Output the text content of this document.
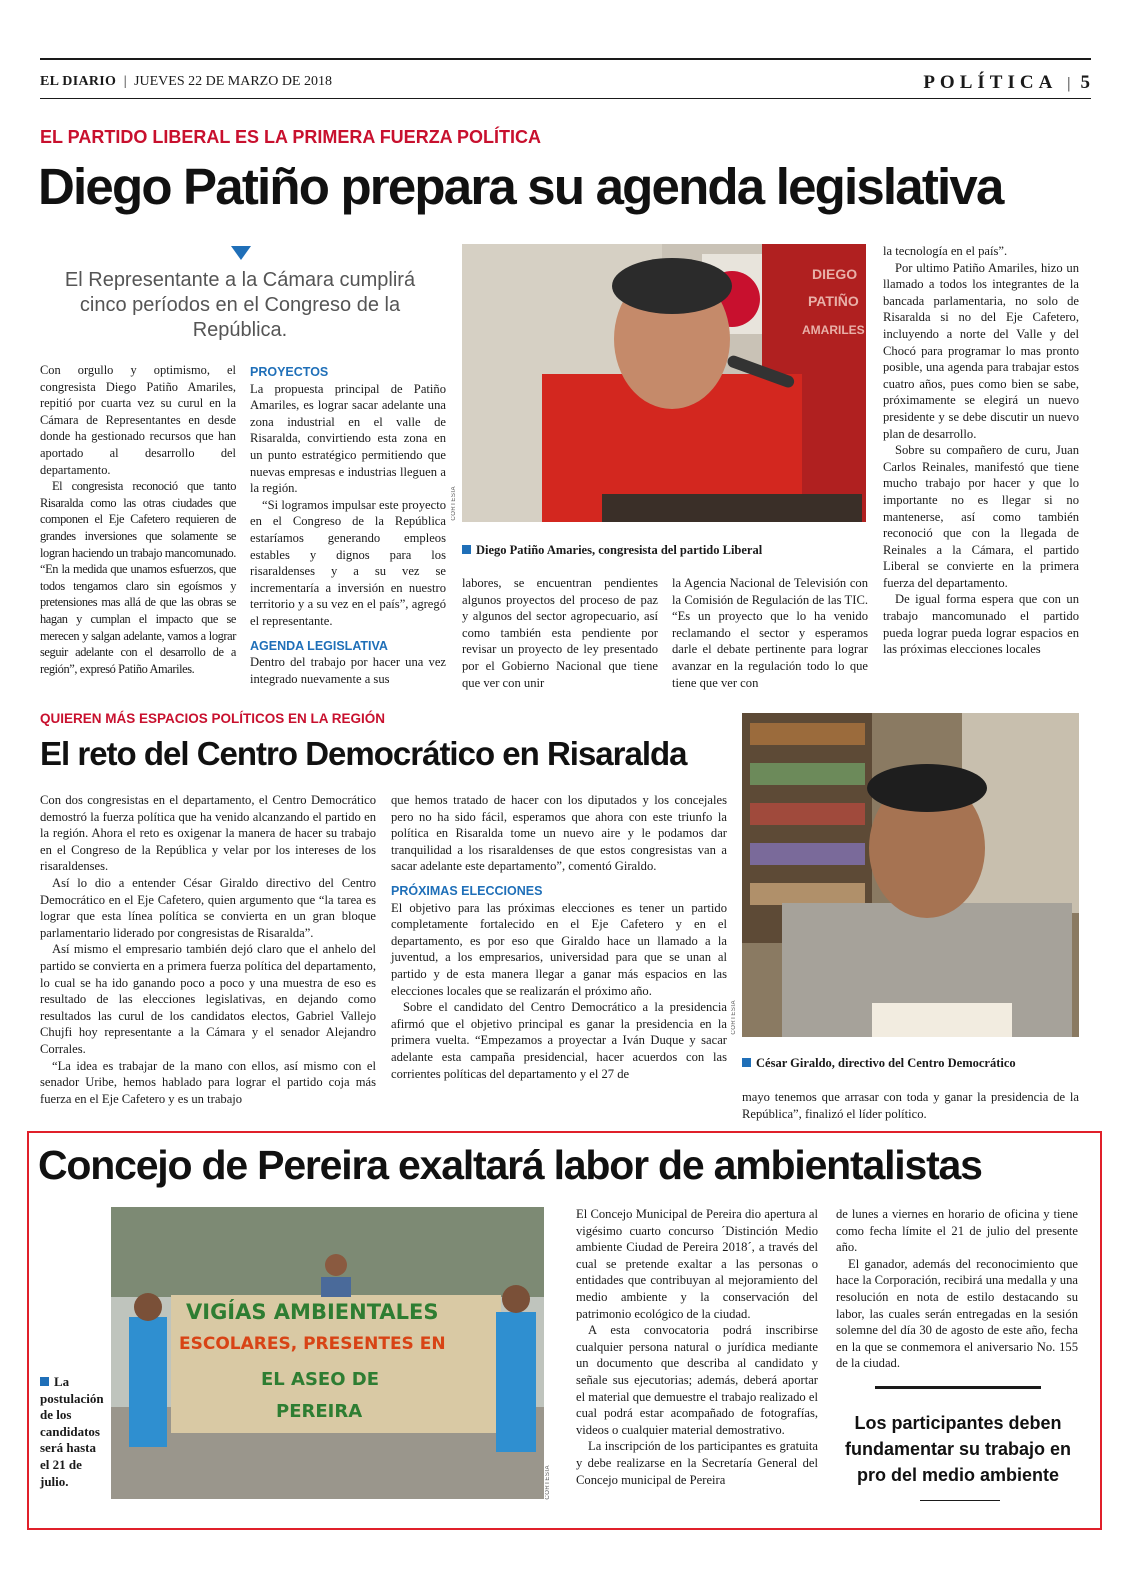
EL DIARIO | JUEVES 22 DE MARZO DE 2018	POLÍTICA | 5
EL PARTIDO LIBERAL ES LA PRIMERA FUERZA POLÍTICA
Diego Patiño prepara su agenda legislativa
El Representante a la Cámara cumplirá cinco períodos en el Congreso de la República.

Con orgullo y optimismo, el congresista Diego Patiño Amariles, repitió por cuarta vez su curul en la Cámara de Representantes en desde donde ha gestionado recursos que han aportado al desarrollo del departamento.

El congresista reconoció que tanto Risaralda como las otras ciudades que componen el Eje Cafetero requieren de grandes inversiones que solamente se logran haciendo un trabajo mancomunado. “En la medida que unamos esfuerzos, que todos tengamos claro sin egoísmos y pretensiones mas allá de que las obras se hagan y cumplan el impacto que se merecen y salgan adelante, vamos a lograr seguir adelante con el desarrollo de a región”, expresó Patiño Amariles.

PROYECTOS

La propuesta principal de Patiño Amariles, es lograr sacar adelante una zona industrial en el valle de Risaralda, convirtiendo esta zona en un punto estratégico permitiendo que nuevas empresas e industrias lleguen a la región.

“Si logramos impulsar este proyecto en el Congreso de la República estaríamos generando empleos estables y dignos para los risaraldenses y a su vez se incrementaría a inversión en nuestro territorio y a su vez en el país”, agregó el representante.

AGENDA LEGISLATIVA

Dentro del trabajo por hacer una vez integrado nuevamente a sus

DIEGO
PATIÑO
AMARILES
CORTESIA
Diego Patiño Amaries, congresista del partido Liberal

labores, se encuentran pendientes algunos proyectos del proceso de paz y algunos del sector agropecuario, así como también esta pendiente por revisar un proyecto de ley presentado por el Gobierno Nacional que tiene que ver con unir

la Agencia Nacional de Televisión con la Comisión de Regulación de las TIC. “Es un proyecto que lo ha venido reclamando el sector y esperamos darle el debate pertinente para lograr avanzar en la regulación todo lo que tiene que ver con

la tecnología en el país”.

Por ultimo Patiño Amariles, hizo un llamado a todos los integrantes de la bancada parlamentaria, no solo de Risaralda si no del Eje Cafetero, incluyendo a norte del Valle y del Chocó para programar lo mas pronto posible, una agenda para trabajar estos cuatro años, pues como bien se sabe, próximamente se elegirá un nuevo presidente y se debe discutir un nuevo plan de desarrollo.

Sobre su compañero de curu, Juan Carlos Reinales, manifestó que tiene mucho trabajo por hacer y que lo importante no es llegar si no mantenerse, así como también reconoció que con la llegada de Reinales a la Cámara, el partido Liberal se convierte en la primera fuerza del departamento.

De igual forma espera que con un trabajo mancomunado el partido pueda lograr pueda lograr espacios en las próximas elecciones locales

QUIEREN MÁS ESPACIOS POLÍTICOS EN LA REGIÓN
El reto del Centro Democrático en Risaralda

Con dos congresistas en el departamento, el Centro Democrático demostró la fuerza política que ha venido alcanzando el partido en la región. Ahora el reto es oxigenar la manera de hacer su trabajo en el Congreso de la República y velar por los intereses de los risaraldenses.

Así lo dio a entender César Giraldo directivo del Centro Democrático en el Eje Cafetero, quien argumento que “la tarea es lograr que esta línea política se convierta en un gran bloque parlamentario liderado por congresistas de Risaralda”.

Así mismo el empresario también dejó claro que el anhelo del partido se convierta en a primera fuerza política del departamento, lo cual se ha ido ganando poco a poco y una muestra de eso es resultado de las elecciones legislativas, en dejando como resultados las curul de los candidatos electos, Gabriel Vallejo Chujfi hoy representante a la Cámara y el senador Alejandro Corrales.

“La idea es trabajar de la mano con ellos, así mismo con el senador Uribe, hemos hablado para lograr el partido coja más fuerza en el Eje Cafetero y es un trabajo

que hemos tratado de hacer con los diputados y los concejales pero no ha sido fácil, esperamos que ahora con este triunfo la política en Risaralda tome un nuevo aire y le podamos dar tranquilidad a los risaraldenses de que estos congresistas van a sacar adelante este departamento”, comentó Giraldo.

PRÓXIMAS ELECCIONES

El objetivo para las próximas elecciones es tener un partido completamente fortalecido en el Eje Cafetero y en el departamento, es por eso que Giraldo hace un llamado a la juventud, a los empresarios, universidad para que se unan al partido y de esta manera llegar a ganar más espacios en las elecciones locales que se realizarán el próximo año.

Sobre el candidato del Centro Democrático a la presidencia afirmó que el objetivo principal es ganar la presidencia en la primera vuelta. “Empezamos a proyectar a Iván Duque y sacar adelante esta campaña presidencial, hacer acuerdos con las corrientes políticas del departamento y el 27 de

CORTESIA
César Giraldo, directivo del Centro Democrático

mayo tenemos que arrasar con toda y ganar la presidencia de la República”, finalizó el líder político.

Concejo de Pereira exaltará labor de ambientalistas
La postulación de los candidatos será hasta el 21 de julio.
VIGÍAS AMBIENTALES
ESCOLARES, PRESENTES EN
EL ASEO DE
PEREIRA
CORTESIA

El Concejo Municipal de Pereira dio apertura al vigésimo cuarto concurso ´Distinción Medio ambiente Ciudad de Pereira 2018´, a través del cual se pretende exaltar a las personas o entidades que contribuyan al mejoramiento del medio ambiente y la conservación del patrimonio ecológico de la ciudad.

A esta convocatoria podrá inscribirse cualquier persona natural o jurídica mediante un documento que describa al candidato y señale sus ejecutorias; además, deberá aportar el material que demuestre el trabajo realizado el cual podrá estar acompañado de fotografías, videos o cualquier material demostrativo.

La inscripción de los participantes es gratuita y debe realizarse en la Secretaría General del Concejo municipal de Pereira

de lunes a viernes en horario de oficina y tiene como fecha límite el 21 de julio del presente año.

El ganador, además del reconocimiento que hace la Corporación, recibirá una medalla y una resolución en nota de estilo destacando su labor, las cuales serán entregadas en la sesión solemne del día 30 de agosto de este año, fecha en la que se conmemora el aniversario No. 155 de la ciudad.

Los participantes deben fundamentar su trabajo en pro del medio ambiente
